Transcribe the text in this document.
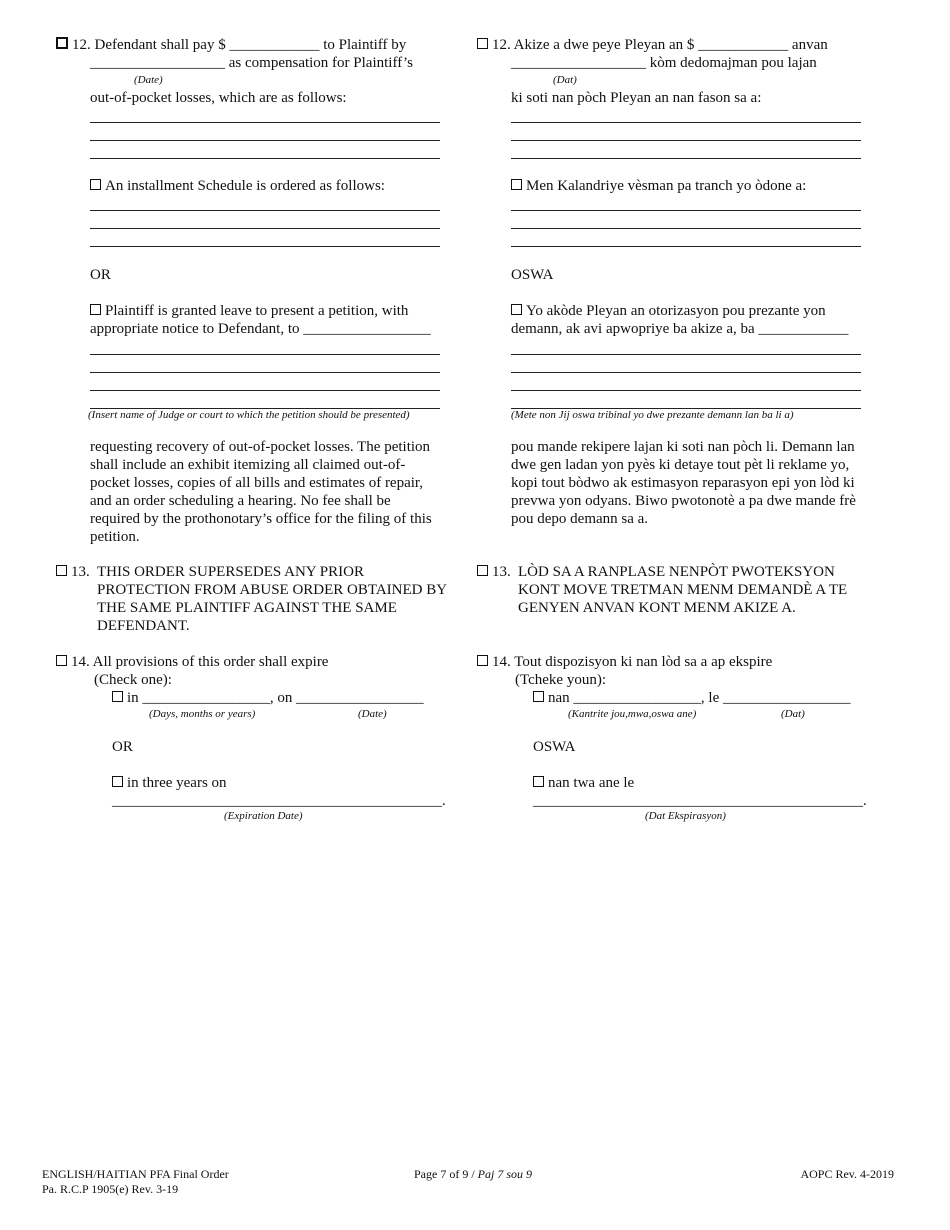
12. Defendant shall pay $ ____________ to Plaintiff by
__________________ as compensation for Plaintiff’s
(Date)
out-of-pocket losses, which are as follows:
An installment Schedule is ordered as follows:
OR
Plaintiff is granted leave to present a petition, with
appropriate notice to Defendant, to _________________
(Insert name of Judge or court to which the petition should be presented)
requesting recovery of out-of-pocket losses. The petition shall include an exhibit itemizing all claimed out-of-pocket losses, copies of all bills and estimates of repair, and an order scheduling a hearing. No fee shall be required by the prothonotary’s office for the filing of this petition.
13. THIS ORDER SUPERSEDES ANY PRIOR PROTECTION FROM ABUSE ORDER OBTAINED BY THE SAME PLAINTIFF AGAINST THE SAME DEFENDANT.
14. All provisions of this order shall expire
(Check one):
in _________________, on _________________
(Days, months or years)	(Date)
OR
in three years on
____________________________________________.
(Expiration Date)
12. Akize a dwe peye Pleyan an $ ____________ anvan
__________________ kòm dedomajman pou lajan
(Dat)
ki soti nan pòch Pleyan an nan fason sa a:
Men Kalandriye vèsman pa tranch yo òdone a:
OSWA
Yo akòde Pleyan an otorizasyon pou prezante yon
demann, ak avi apwopriye ba akize a, ba ____________
(Mete non Jij oswa tribinal yo dwe prezante demann lan ba li a)
pou mande rekipere lajan ki soti nan pòch li. Demann lan dwe gen ladan yon pyès ki detaye tout pèt li reklame yo, kopi tout bòdwo ak estimasyon reparasyon epi yon lòd ki prevwa yon odyans. Biwo pwotonotè a pa dwe mande frè pou depo demann sa a.
13. LÒD SA A RANPLASE NENPÒT PWOTEKSYON KONT MOVE TRETMAN MENM DEMANDÈ A TE GENYEN ANVAN KONT MENM AKIZE A.
14. Tout dispozisyon ki nan lòd sa a ap ekspire
(Tcheke youn):
nan _________________, le _________________
(Kantrite jou,mwa,oswa ane)	(Dat)
OSWA
nan twa ane le
____________________________________________.
(Dat Ekspirasyon)
ENGLISH/HAITIAN PFA Final Order
Pa. R.C.P 1905(e) Rev. 3-19
Page 7 of 9 / Paj 7 sou 9	AOPC Rev. 4-2019
